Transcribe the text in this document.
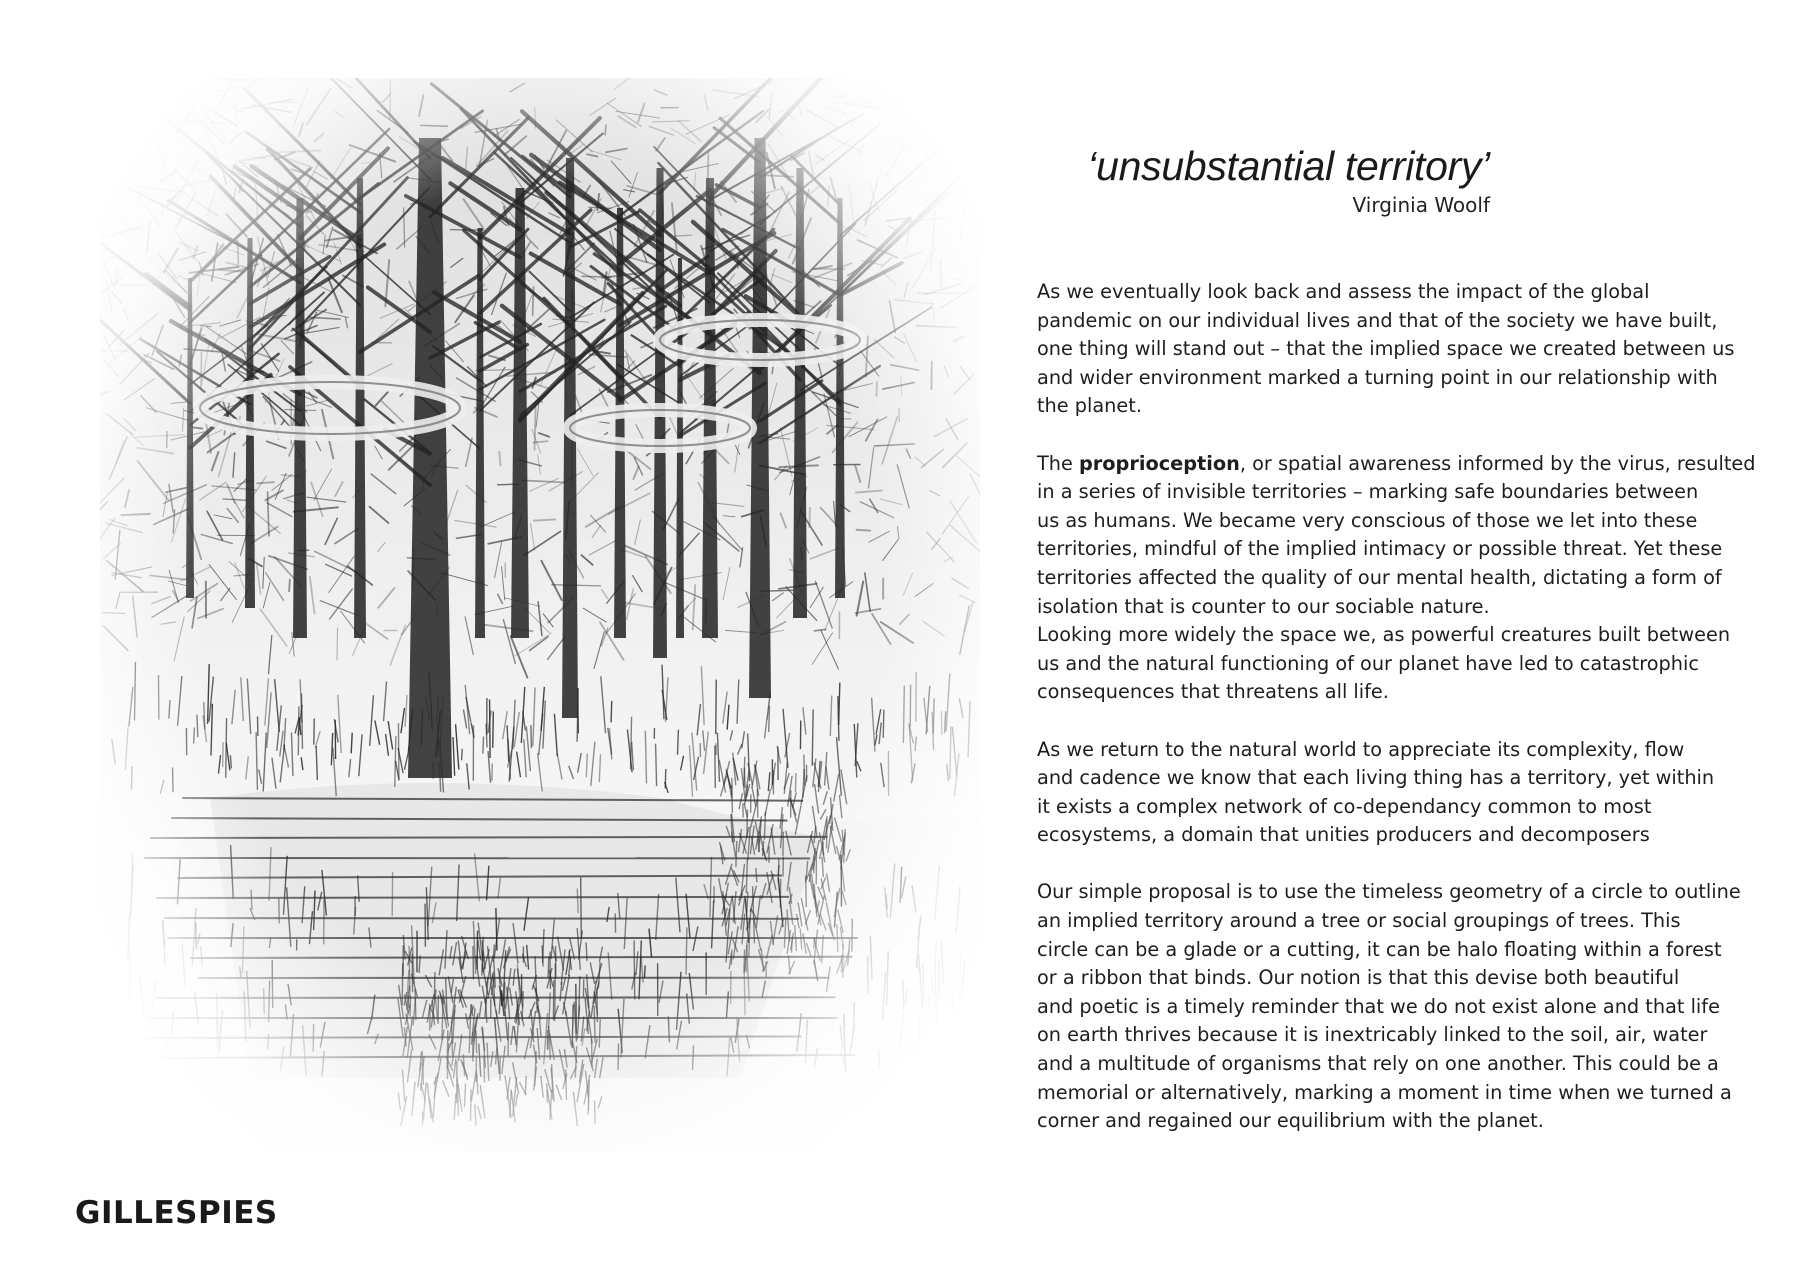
‘unsubstantial territory’
Virginia Woolf
As we eventually look back and assess the impact of the global
pandemic on our individual lives and that of the society we have built,
one thing will stand out – that the implied space we created between us
and wider environment marked a turning point in our relationship with
the planet.
The proprioception, or spatial awareness informed by the virus, resulted
in a series of invisible territories – marking safe boundaries between
us as humans. We became very conscious of those we let into these
territories, mindful of the implied intimacy or possible threat. Yet these
territories affected the quality of our mental health, dictating a form of
isolation that is counter to our sociable nature.
Looking more widely the space we, as powerful creatures built between
us and the natural functioning of our planet have led to catastrophic
consequences that threatens all life.
As we return to the natural world to appreciate its complexity, flow
and cadence we know that each living thing has a territory, yet within
it exists a complex network of co-dependancy common to most
ecosystems, a domain that unities producers and decomposers
Our simple proposal is to use the timeless geometry of a circle to outline
an implied territory around a tree or social groupings of trees. This
circle can be a glade or a cutting, it can be halo floating within a forest
or a ribbon that binds. Our notion is that this devise both beautiful
and poetic is a timely reminder that we do not exist alone and that life
on earth thrives because it is inextricably linked to the soil, air, water
and a multitude of organisms that rely on one another. This could be a
memorial or alternatively, marking a moment in time when we turned a
corner and regained our equilibrium with the planet.
GILLESPIES
